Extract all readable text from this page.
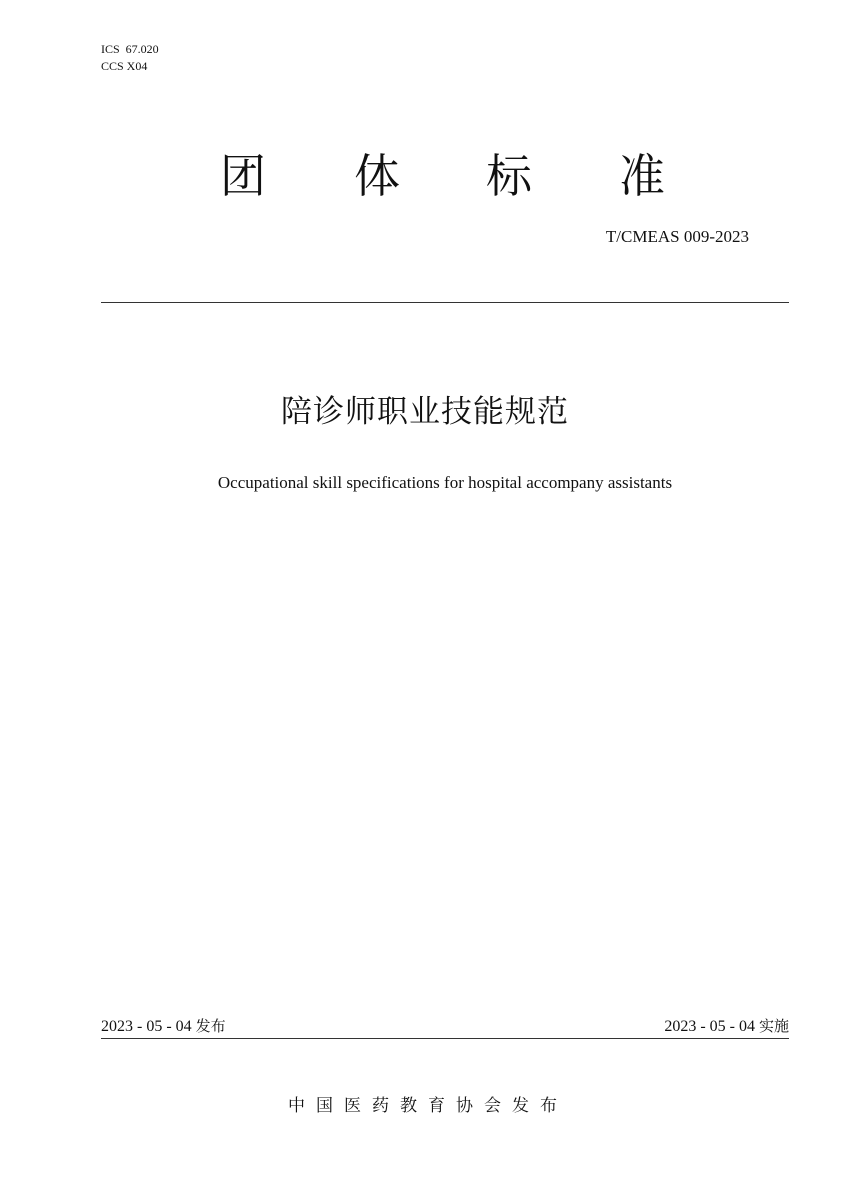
ICS  67.020
CCS X04
团 体 标 准
T/CMEAS 009-2023
陪诊师职业技能规范
Occupational skill specifications for hospital accompany assistants
2023 - 05 - 04 发布	2023 - 05 - 04 实施
中国医药教育协会发布
